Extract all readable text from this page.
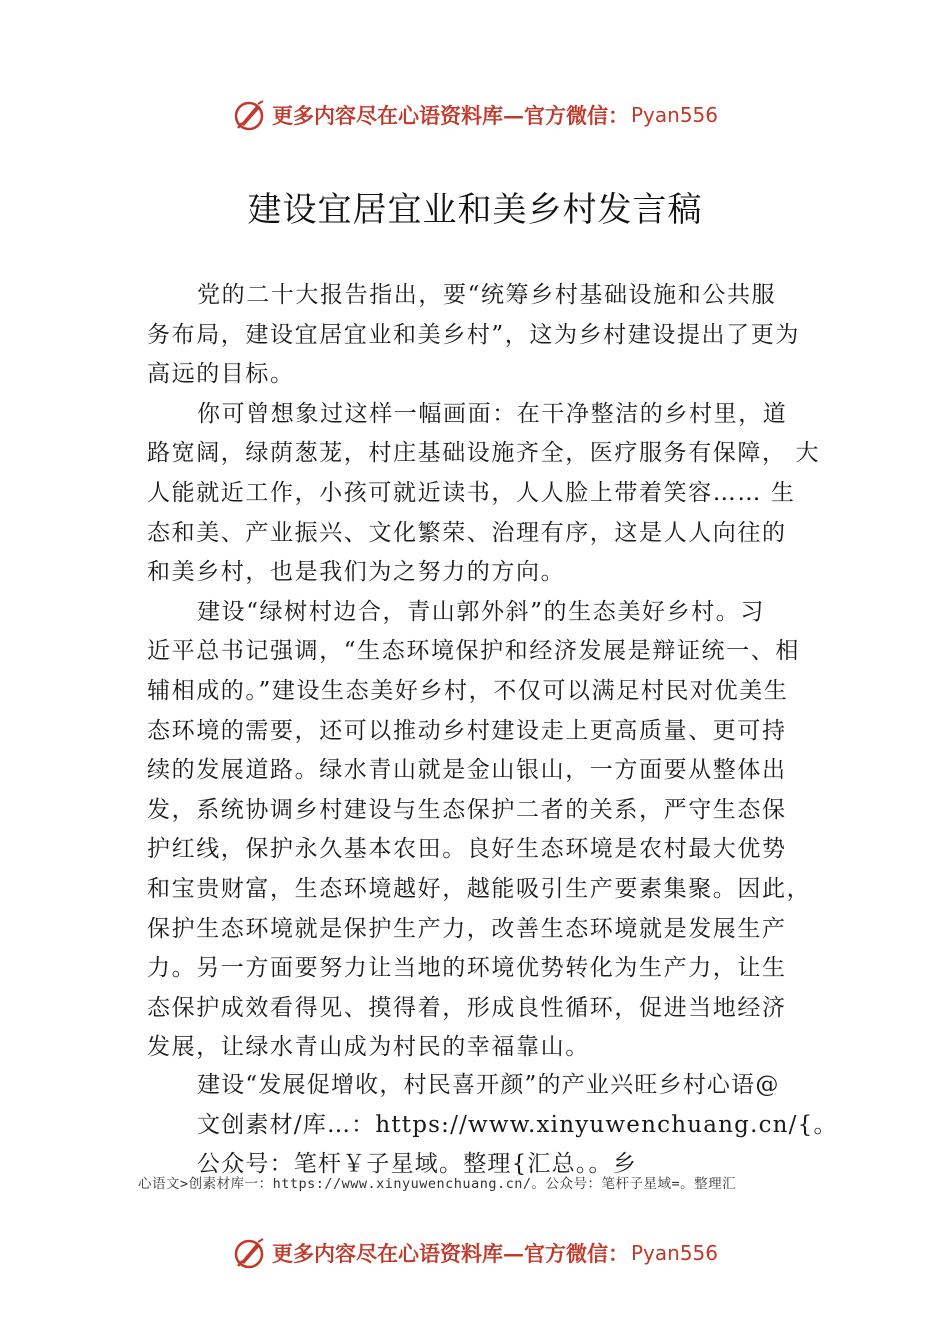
更多内容尽在心语资料库—官方微信： Pyan556
建设宜居宜业和美乡村发言稿
党的二十大报告指出，要“统筹乡村基础设施和公共服
务布局，建设宜居宜业和美乡村”，这为乡村建设提出了更为
高远的目标。
你可曾想象过这样一幅画面：在干净整洁的乡村里，道
路宽阔，绿荫葱茏，村庄基础设施齐全，医疗服务有保障， 大
人能就近工作，小孩可就近读书，人人脸上带着笑容…… 生
态和美、产业振兴、文化繁荣、治理有序，这是人人向往的
和美乡村，也是我们为之努力的方向。
建设“绿树村边合，青山郭外斜”的生态美好乡村。习
近平总书记强调，“生态环境保护和经济发展是辩证统一、相
辅相成的。”建设生态美好乡村，不仅可以满足村民对优美生
态环境的需要，还可以推动乡村建设走上更高质量、更可持
续的发展道路。绿水青山就是金山银山，一方面要从整体出
发，系统协调乡村建设与生态保护二者的关系，严守生态保
护红线，保护永久基本农田。良好生态环境是农村最大优势
和宝贵财富，生态环境越好，越能吸引生产要素集聚。因此，
保护生态环境就是保护生产力，改善生态环境就是发展生产
力。另一方面要努力让当地的环境优势转化为生产力，让生
态保护成效看得见、摸得着，形成良性循环，促进当地经济
发展，让绿水青山成为村民的幸福靠山。
建设“发展促增收，村民喜开颜”的产业兴旺乡村心语@
文创素材/库…：https://www.xinyuwenchuang.cn/{。
公众号：笔杆￥子星域。整理{汇总。。乡
心语文>创素材库一：https://www.xinyuwenchuang.cn/。公众号：笔杆子星域=。整理汇
更多内容尽在心语资料库—官方微信： Pyan556
